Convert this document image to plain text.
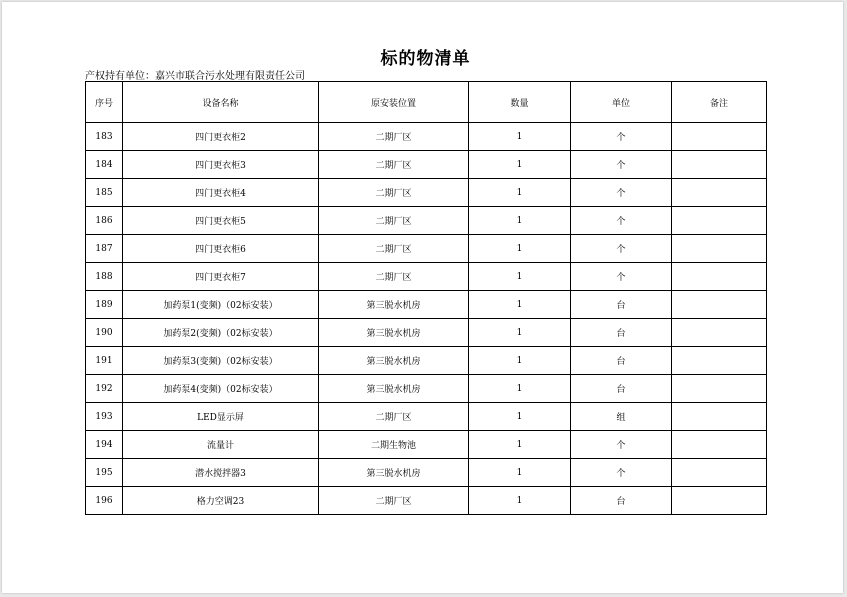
标的物清单
产权持有单位：嘉兴市联合污水处理有限责任公司
序号	设备名称	原安装位置	数量	单位	备注
183	四门更衣柜2	二期厂区	1	个	
184	四门更衣柜3	二期厂区	1	个	
185	四门更衣柜4	二期厂区	1	个	
186	四门更衣柜5	二期厂区	1	个	
187	四门更衣柜6	二期厂区	1	个	
188	四门更衣柜7	二期厂区	1	个	
189	加药泵1(变频)（02标安装）	第三脱水机房	1	台	
190	加药泵2(变频)（02标安装）	第三脱水机房	1	台	
191	加药泵3(变频)（02标安装）	第三脱水机房	1	台	
192	加药泵4(变频)（02标安装）	第三脱水机房	1	台	
193	LED显示屏	二期厂区	1	组	
194	流量计	二期生物池	1	个	
195	潜水搅拌器3	第三脱水机房	1	个	
196	格力空调23	二期厂区	1	台	
